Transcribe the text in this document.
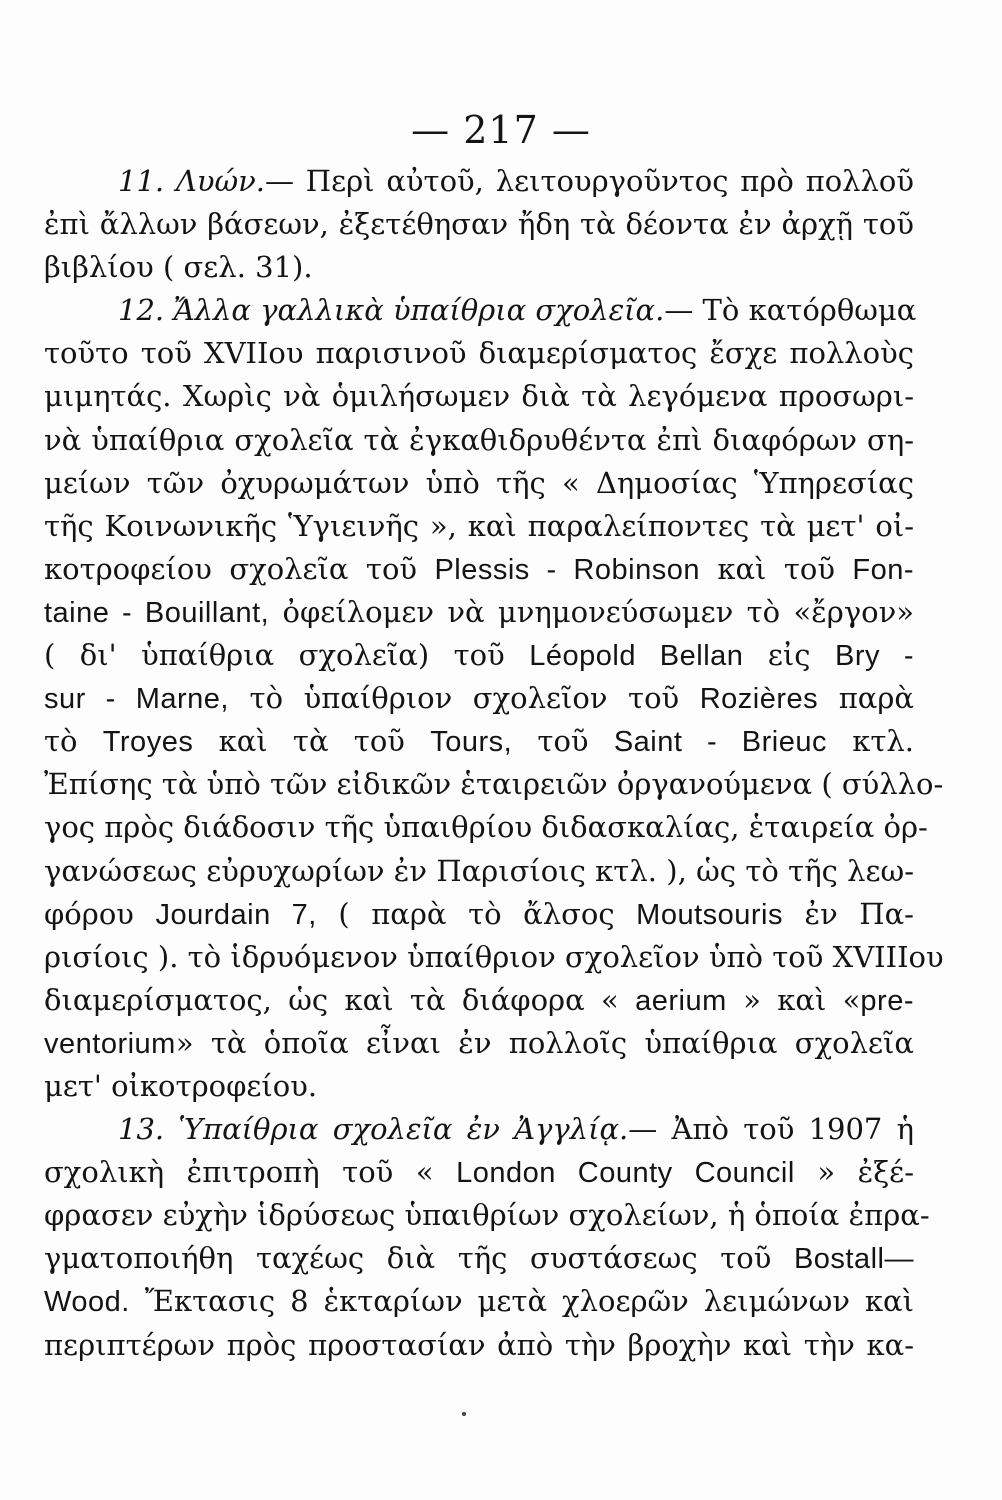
— 217 —
11. Λυών.— Περὶ αὐτοῦ, λειτουργοῦντος πρὸ πολλοῦ
ἐπὶ ἄλλων βάσεων, ἐξετέθησαν ἤδη τὰ δέοντα ἐν ἀρχῇ τοῦ
βιβλίου ( σελ. 31).
12. Ἄλλα γαλλικὰ ὑπαίθρια σχολεῖα.— Τὸ κατόρθωμα
τοῦτο τοῦ XVIIου παρισινοῦ διαμερίσματος ἔσχε πολλοὺς
μιμητάς. Χωρὶς νὰ ὁμιλήσωμεν διὰ τὰ λεγόμενα προσωρι-
νὰ ὑπαίθρια σχολεῖα τὰ ἐγκαθιδρυθέντα ἐπὶ διαφόρων ση-
μείων τῶν ὀχυρωμάτων ὑπὸ τῆς « Δημοσίας Ὑπηρεσίας
τῆς Κοινωνικῆς Ὑγιεινῆς », καὶ παραλείποντες τὰ μετ' οἰ-
κοτροφείου σχολεῖα τοῦ Plessis - Robinson καὶ τοῦ Fon-
taine - Bouillant, ὀφείλομεν νὰ μνημονεύσωμεν τὸ «ἔργον»
( δι' ὑπαίθρια σχολεῖα) τοῦ Léopold Bellan εἰς Bry -
sur - Marne, τὸ ὑπαίθριον σχολεῖον τοῦ Rozières παρὰ
τὸ Troyes καὶ τὰ τοῦ Tours, τοῦ Saint - Brieuc κτλ.
Ἐπίσης τὰ ὑπὸ τῶν εἰδικῶν ἑταιρειῶν ὀργανούμενα ( σύλλο-
γος πρὸς διάδοσιν τῆς ὑπαιθρίου διδασκαλίας, ἑταιρεία ὀρ-
γανώσεως εὐρυχωρίων ἐν Παρισίοις κτλ. ), ὡς τὸ τῆς λεω-
φόρου Jourdain 7, ( παρὰ τὸ ἄλσος Moutsouris ἐν Πα-
ρισίοις ). τὸ ἱδρυόμενον ὑπαίθριον σχολεῖον ὑπὸ τοῦ XVIIIου
διαμερίσματος, ὡς καὶ τὰ διάφορα « aerium » καὶ «pre-
ventorium» τὰ ὁποῖα εἶναι ἐν πολλοῖς ὑπαίθρια σχολεῖα
μετ' οἰκοτροφείου.
13. Ὑπαίθρια σχολεῖα ἐν Ἀγγλίᾳ.— Ἀπὸ τοῦ 1907 ἡ
σχολικὴ ἐπιτροπὴ τοῦ « London County Council » ἐξέ-
φρασεν εὐχὴν ἱδρύσεως ὑπαιθρίων σχολείων, ἡ ὁποία ἐπρα-
γματοποιήθη ταχέως διὰ τῆς συστάσεως τοῦ Bostall—
Wood. Ἔκτασις 8 ἑκταρίων μετὰ χλοερῶν λειμώνων καὶ
περιπτέρων πρὸς προστασίαν ἀπὸ τὴν βροχὴν καὶ τὴν κα-
